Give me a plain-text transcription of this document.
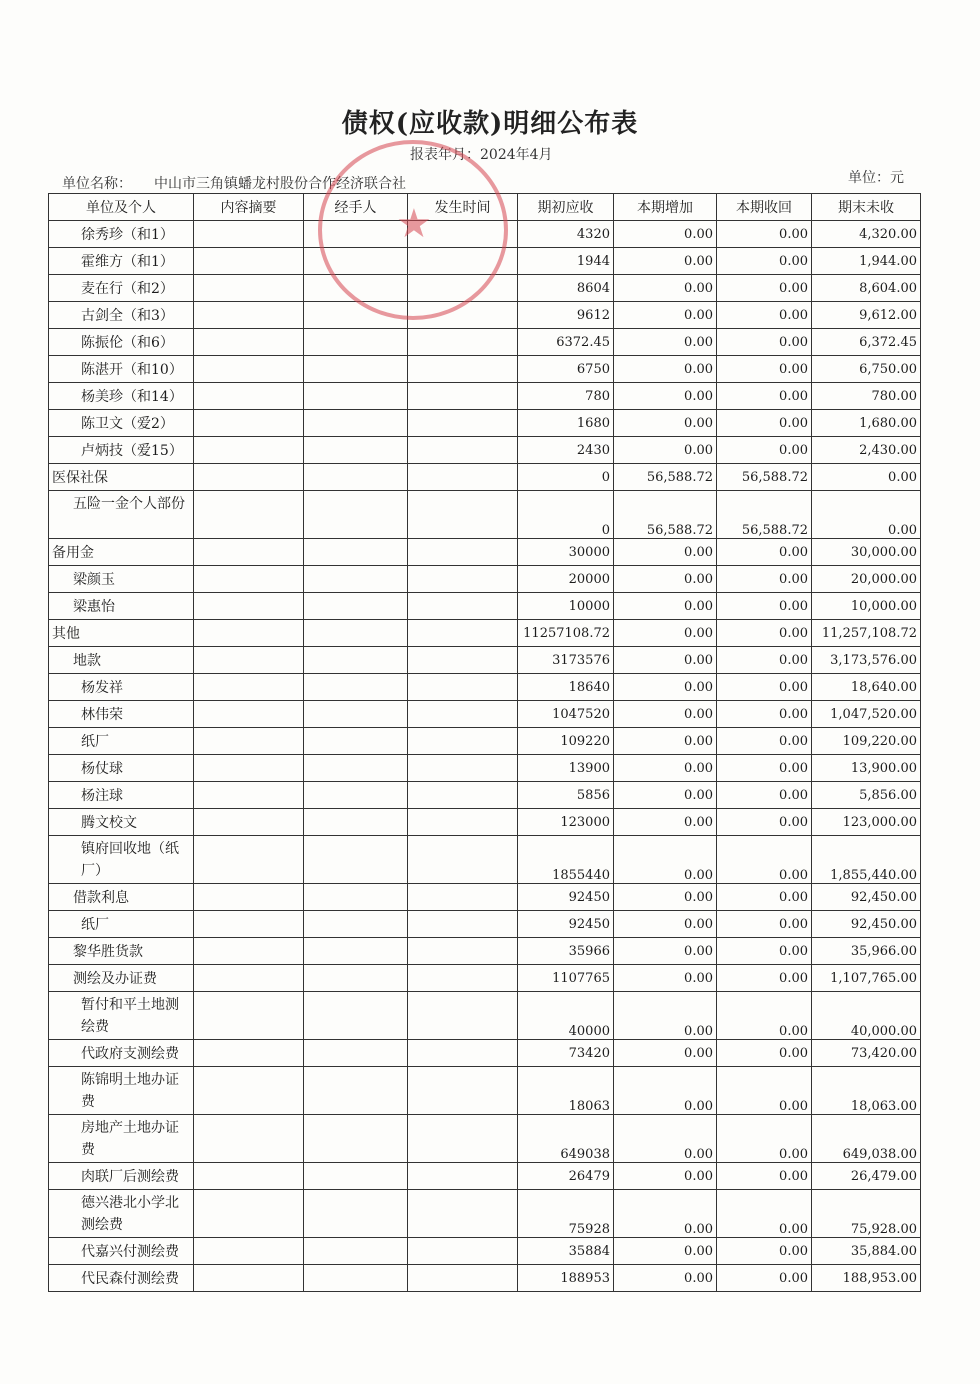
债权(应收款)明细公布表
报表年月：2024年4月
单位名称： 中山市三角镇蟠龙村股份合作经济联合社	单位：元
单位及个人	内容摘要	经手人	发生时间	期初应收	本期增加	本期收回	期末未收
徐秀珍（和1）				4320	0.00	0.00	4,320.00
霍维方（和1）				1944	0.00	0.00	1,944.00
麦在行（和2）				8604	0.00	0.00	8,604.00
古剑全（和3）				9612	0.00	0.00	9,612.00
陈振伦（和6）				6372.45	0.00	0.00	6,372.45
陈湛开（和10）				6750	0.00	0.00	6,750.00
杨美珍（和14）				780	0.00	0.00	780.00
陈卫文（爱2）				1680	0.00	0.00	1,680.00
卢炳技（爱15）				2430	0.00	0.00	2,430.00
医保社保				0	56,588.72	56,588.72	0.00
五险一金个人部份				0	56,588.72	56,588.72	0.00
备用金				30000	0.00	0.00	30,000.00
梁颜玉				20000	0.00	0.00	20,000.00
梁惠怡				10000	0.00	0.00	10,000.00
其他				11257108.72	0.00	0.00	11,257,108.72
地款				3173576	0.00	0.00	3,173,576.00
杨发祥				18640	0.00	0.00	18,640.00
林伟荣				1047520	0.00	0.00	1,047,520.00
纸厂				109220	0.00	0.00	109,220.00
杨仗球				13900	0.00	0.00	13,900.00
杨注球				5856	0.00	0.00	5,856.00
腾文校文				123000	0.00	0.00	123,000.00
镇府回收地（纸厂）				1855440	0.00	0.00	1,855,440.00
借款利息				92450	0.00	0.00	92,450.00
纸厂				92450	0.00	0.00	92,450.00
黎华胜货款				35966	0.00	0.00	35,966.00
测绘及办证费				1107765	0.00	0.00	1,107,765.00
暂付和平土地测绘费				40000	0.00	0.00	40,000.00
代政府支测绘费				73420	0.00	0.00	73,420.00
陈锦明土地办证费				18063	0.00	0.00	18,063.00
房地产土地办证费				649038	0.00	0.00	649,038.00
肉联厂后测绘费				26479	0.00	0.00	26,479.00
德兴港北小学北测绘费				75928	0.00	0.00	75,928.00
代嘉兴付测绘费				35884	0.00	0.00	35,884.00
代民森付测绘费				188953	0.00	0.00	188,953.00
★
